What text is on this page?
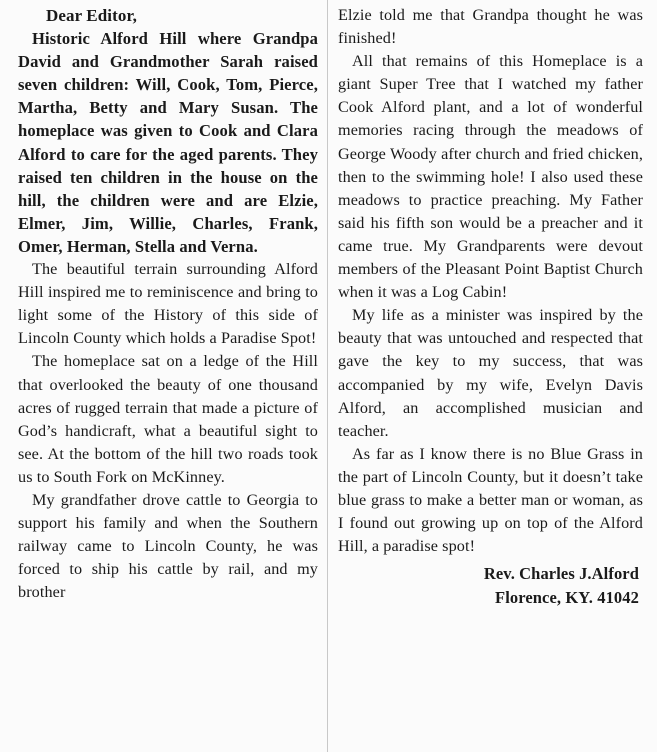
Dear Editor,

Historic Alford Hill where Grandpa David and Grandmother Sarah raised seven children: Will, Cook, Tom, Pierce, Martha, Betty and Mary Susan. The homeplace was given to Cook and Clara Alford to care for the aged parents. They raised ten children in the house on the hill, the children were and are Elzie, Elmer, Jim, Willie, Charles, Frank, Omer, Herman, Stella and Verna.

The beautiful terrain surrounding Alford Hill inspired me to reminiscence and bring to light some of the History of this side of Lincoln County which holds a Paradise Spot!

The homeplace sat on a ledge of the Hill that overlooked the beauty of one thousand acres of rugged terrain that made a picture of God’s handicraft, what a beautiful sight to see. At the bottom of the hill two roads took us to South Fork on McKinney.

My grandfather drove cattle to Georgia to support his family and when the Southern railway came to Lincoln County, he was forced to ship his cattle by rail, and my brother

Elzie told me that Grandpa thought he was finished!

All that remains of this Homeplace is a giant Super Tree that I watched my father Cook Alford plant, and a lot of wonderful memories racing through the meadows of George Woody after church and fried chicken, then to the swimming hole! I also used these meadows to practice preaching. My Father said his fifth son would be a preacher and it came true. My Grandparents were devout members of the Pleasant Point Baptist Church when it was a Log Cabin!

My life as a minister was inspired by the beauty that was untouched and respected that gave the key to my success, that was accompanied by my wife, Evelyn Davis Alford, an accomplished musician and teacher.

As far as I know there is no Blue Grass in the part of Lincoln County, but it doesn’t take blue grass to make a better man or woman, as I found out growing up on top of the Alford Hill, a paradise spot!

Rev. Charles J.Alford
Florence, KY. 41042
